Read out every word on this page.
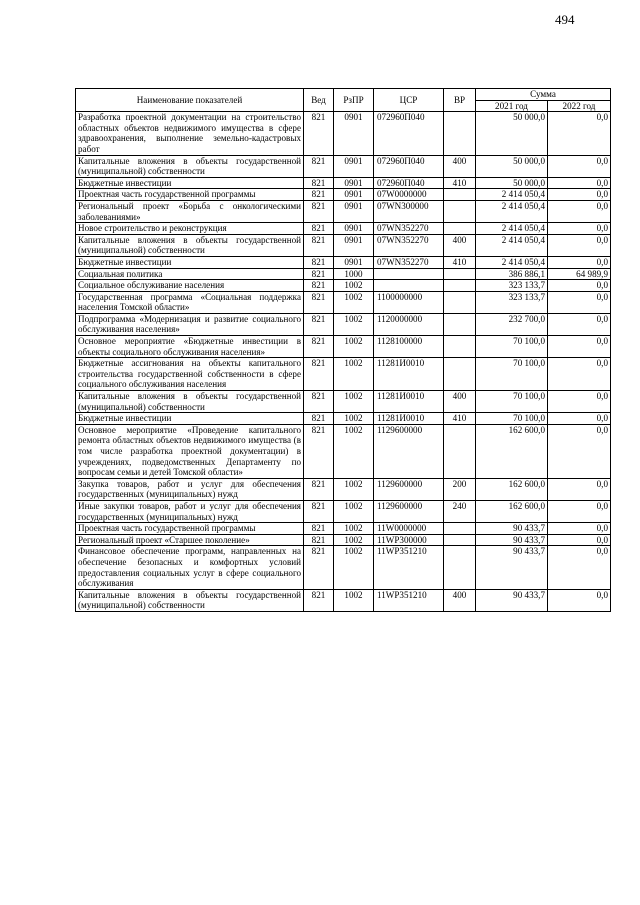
494
Наименование показателей	Вед	РзПР	ЦСР	ВР	Сумма	
					2021 год	2022 год
Разработка проектной документации на строительство областных объектов недвижимого имущества в сфере здравоохранения, выполнение земельно-кадастровых работ	821	0901	072960П040		50 000,0	0,0
Капитальные вложения в объекты государственной (муниципальной) собственности	821	0901	072960П040	400	50 000,0	0,0
Бюджетные инвестиции	821	0901	072960П040	410	50 000,0	0,0
Проектная часть государственной программы	821	0901	07W0000000		2 414 050,4	0,0
Региональный проект «Борьба с онкологическими заболеваниями»	821	0901	07WN300000		2 414 050,4	0,0
Новое строительство и реконструкция	821	0901	07WN352270		2 414 050,4	0,0
Капитальные вложения в объекты государственной (муниципальной) собственности	821	0901	07WN352270	400	2 414 050,4	0,0
Бюджетные инвестиции	821	0901	07WN352270	410	2 414 050,4	0,0
Социальная политика	821	1000			386 886,1	64 989,9
Социальное обслуживание населения	821	1002			323 133,7	0,0
Государственная программа «Социальная поддержка населения Томской области»	821	1002	1100000000		323 133,7	0,0
Подпрограмма «Модернизация и развитие социального обслуживания населения»	821	1002	1120000000		232 700,0	0,0
Основное мероприятие «Бюджетные инвестиции в объекты социального обслуживания населения»	821	1002	1128100000		70 100,0	0,0
Бюджетные ассигнования на объекты капитального строительства государственной собственности в сфере социального обслуживания населения	821	1002	11281И0010		70 100,0	0,0
Капитальные вложения в объекты государственной (муниципальной) собственности	821	1002	11281И0010	400	70 100,0	0,0
Бюджетные инвестиции	821	1002	11281И0010	410	70 100,0	0,0
Основное мероприятие «Проведение капитального ремонта областных объектов недвижимого имущества (в том числе разработка проектной документации) в учреждениях, подведомственных Департаменту по вопросам семьи и детей Томской области»	821	1002	1129600000		162 600,0	0,0
Закупка товаров, работ и услуг для обеспечения государственных (муниципальных) нужд	821	1002	1129600000	200	162 600,0	0,0
Иные закупки товаров, работ и услуг для обеспечения государственных (муниципальных) нужд	821	1002	1129600000	240	162 600,0	0,0
Проектная часть государственной программы	821	1002	11W0000000		90 433,7	0,0
Региональный проект «Старшее поколение»	821	1002	11WP300000		90 433,7	0,0
Финансовое обеспечение программ, направленных на обеспечение безопасных и комфортных условий предоставления социальных услуг в сфере социального обслуживания	821	1002	11WP351210		90 433,7	0,0
Капитальные вложения в объекты государственной (муниципальной) собственности	821	1002	11WP351210	400	90 433,7	0,0
